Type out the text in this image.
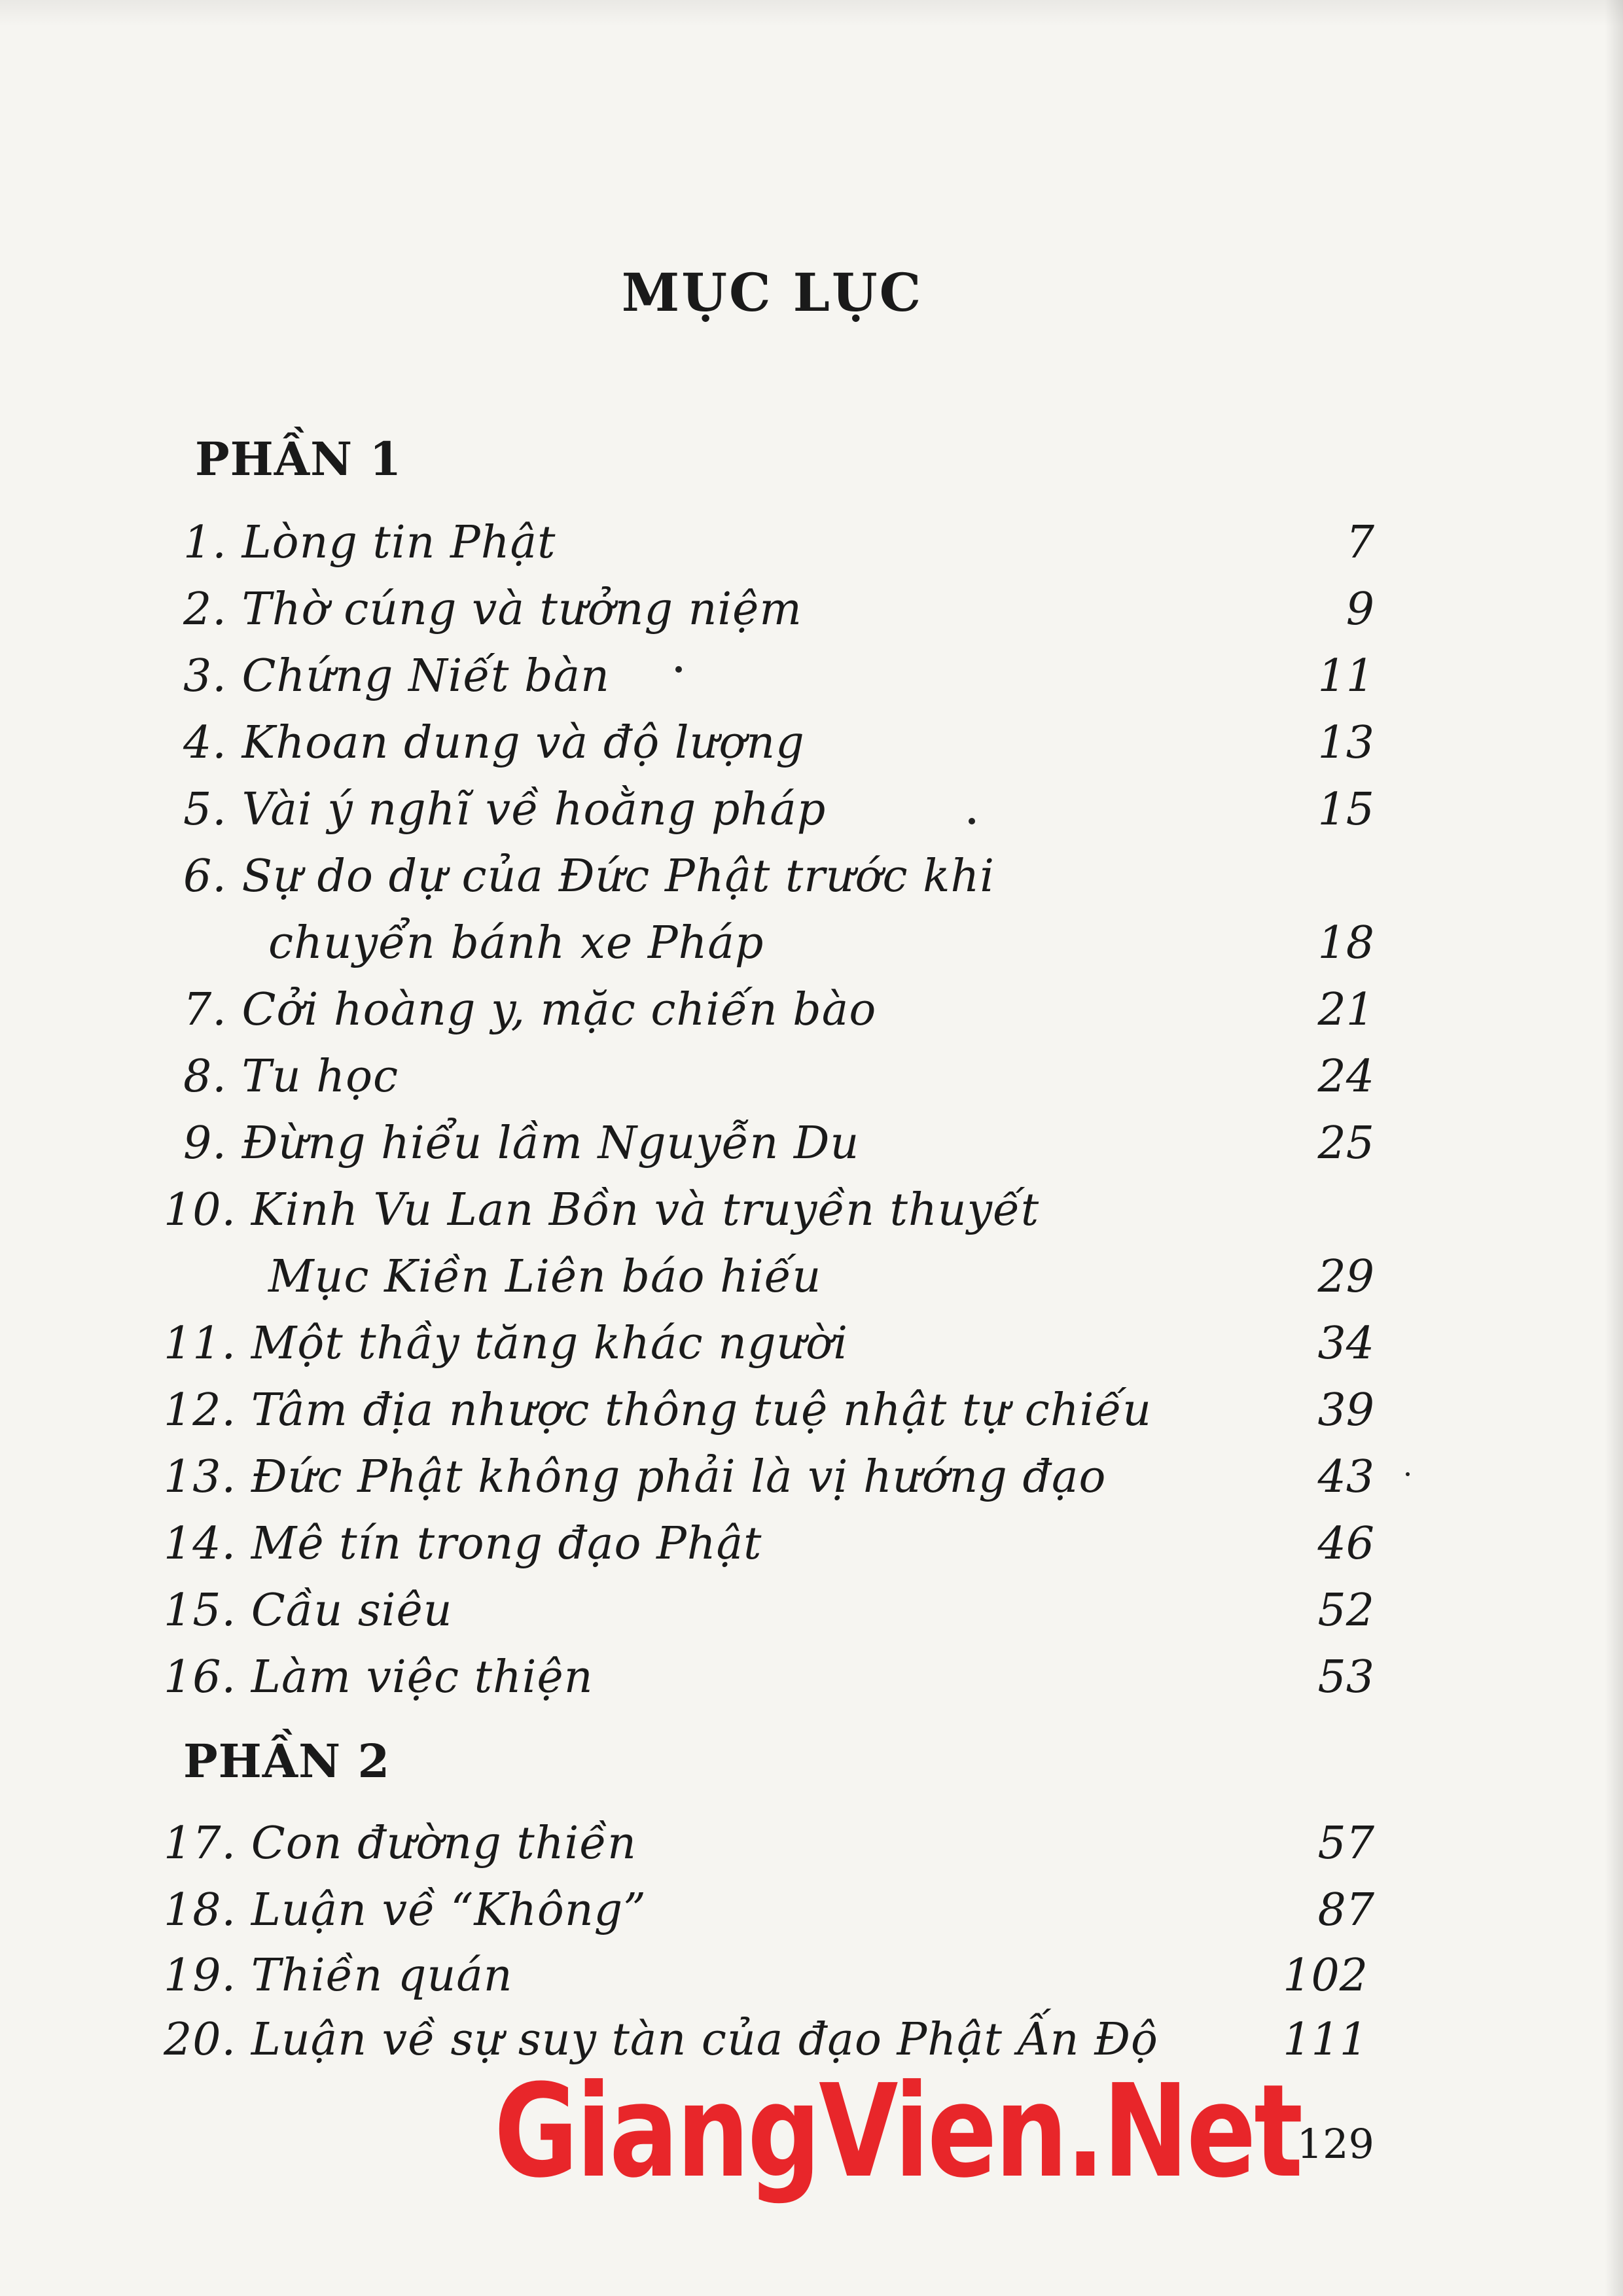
MỤC LỤC
PHẦN 1
1. Lòng tin Phật	7
2. Thờ cúng và tưởng niệm	9
3. Chứng Niết bàn	11
4. Khoan dung và độ lượng	13
5. Vài ý nghĩ về hoằng pháp	15
6. Sự do dự của Đức Phật trước khi
chuyển bánh xe Pháp	18
7. Cởi hoàng y, mặc chiến bào	21
8. Tu học	24
9. Đừng hiểu lầm Nguyễn Du	25
10. Kinh Vu Lan Bồn và truyền thuyết
Mục Kiền Liên báo hiếu	29
11. Một thầy tăng khác người	34
12. Tâm địa nhược thông tuệ nhật tự chiếu	39
13. Đức Phật không phải là vị hướng đạo	43
14. Mê tín trong đạo Phật	46
15. Cầu siêu	52
16. Làm việc thiện	53
PHẦN 2
17. Con đường thiền	57
18. Luận về “Không”	87
19. Thiền quán	102
20. Luận về sự suy tàn của đạo Phật Ấn Độ	111
GiangVien.Net
129
